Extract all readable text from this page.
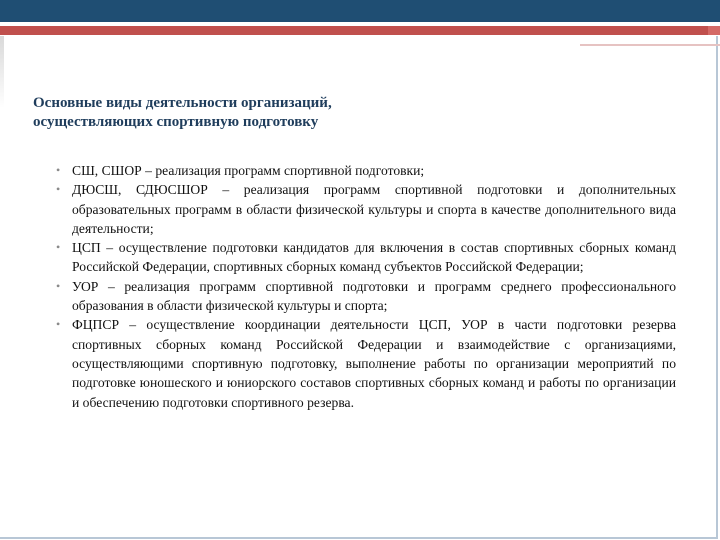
Основные виды деятельности организаций,
осуществляющих спортивную подготовку
• СШ, СШОР – реализация программ спортивной подготовки;
• ДЮСШ, СДЮСШОР – реализация программ спортивной подготовки и дополнительных образовательных программ в области физической культуры и спорта в качестве дополнительного вида деятельности;
• ЦСП – осуществление подготовки кандидатов для включения в состав спортивных сборных команд Российской Федерации, спортивных сборных команд субъектов Российской Федерации;
• УОР – реализация программ спортивной подготовки и программ среднего профессионального образования в области физической культуры и спорта;
• ФЦПСР – осуществление координации деятельности ЦСП, УОР в части подготовки резерва спортивных сборных команд Российской Федерации и взаимодействие с организациями, осуществляющими спортивную подготовку, выполнение работы по организации мероприятий по подготовке юношеского и юниорского составов спортивных сборных команд и работы по организации и обеспечению подготовки спортивного резерва.
